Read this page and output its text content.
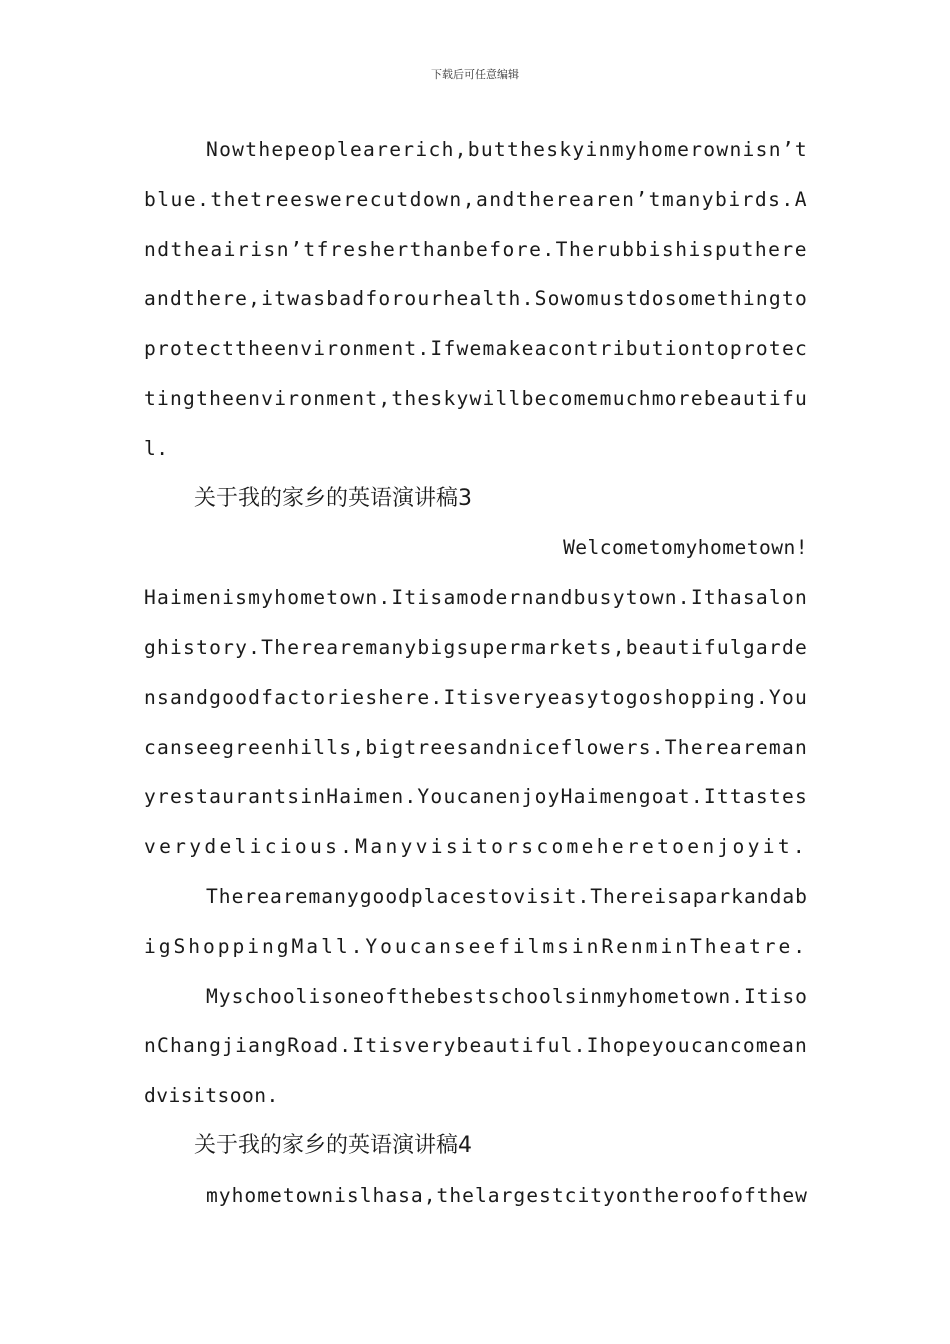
下载后可任意编辑
Nowthepeoplearerich,buttheskyinmyhomerownisn’t
blue.thetreeswerecutdown,andtherearen’tmanybirds.A
ndtheairisn’tfresherthanbefore.Therubbishisputhere
andthere,itwasbadforourhealth.Sowomustdosomethingto
protecttheenvironment.Ifwemakeacontributiontoprotec
tingtheenvironment,theskywillbecomemuchmorebeautifu
l.
关于我的家乡的英语演讲稿3
Welcometomyhometown!
Haimenismyhometown.Itisamodernandbusytown.Ithasalon
ghistory.Therearemanybigsupermarkets,beautifulgarde
nsandgoodfactorieshere.Itisveryeasytogoshopping.You
canseegreenhills,bigtreesandniceflowers.Thereareman
yrestaurantsinHaimen.YoucanenjoyHaimengoat.Ittastes
verydelicious.Manyvisitorscomeheretoenjoyit.
Therearemanygoodplacestovisit.Thereisaparkandab
igShoppingMall.YoucanseefilmsinRenminTheatre.
Myschoolisoneofthebestschoolsinmyhometown.Itiso
nChangjiangRoad.Itisverybeautiful.Ihopeyoucancomean
dvisitsoon.
关于我的家乡的英语演讲稿4
myhometownislhasa,thelargestcityontheroofofthew
